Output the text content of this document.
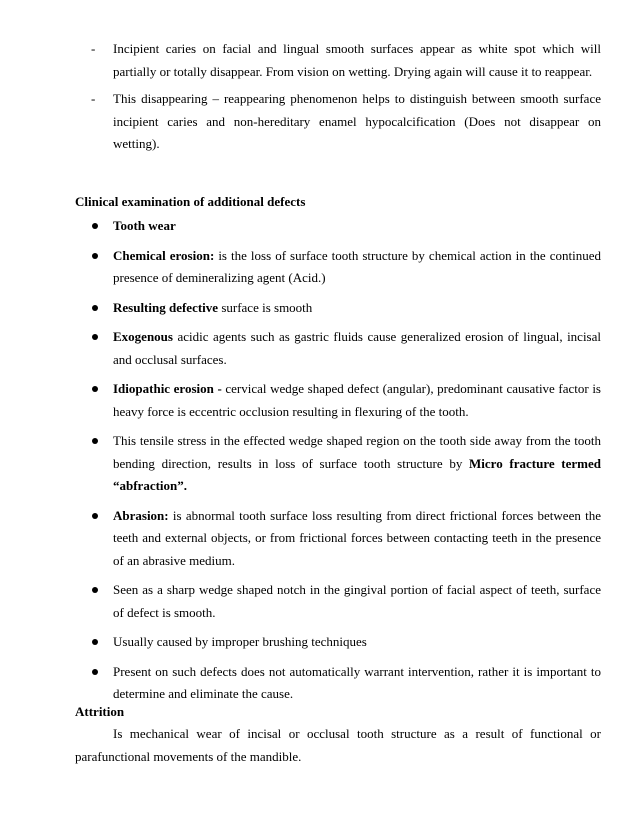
- Incipient caries on facial and lingual smooth surfaces appear as white spot which will partially or totally disappear. From vision on wetting. Drying again will cause it to reappear.
- This disappearing – reappearing phenomenon helps to distinguish between smooth surface incipient caries and non-hereditary enamel hypocalcification (Does not disappear on wetting).
Clinical examination of additional defects
Tooth wear
Chemical erosion: is the loss of surface tooth structure by chemical action in the continued presence of demineralizing agent (Acid.)
Resulting defective surface is smooth
Exogenous acidic agents such as gastric fluids cause generalized erosion of lingual, incisal and occlusal surfaces.
Idiopathic erosion - cervical wedge shaped defect (angular), predominant causative factor is heavy force is eccentric occlusion resulting in flexuring of the tooth.
This tensile stress in the effected wedge shaped region on the tooth side away from the tooth bending direction, results in loss of surface tooth structure by Micro fracture termed “abfraction”.
Abrasion: is abnormal tooth surface loss resulting from direct frictional forces between the teeth and external objects, or from frictional forces between contacting teeth in the presence of an abrasive medium.
Seen as a sharp wedge shaped notch in the gingival portion of facial aspect of teeth, surface of defect is smooth.
Usually caused by improper brushing techniques
Present on such defects does not automatically warrant intervention, rather it is important to determine and eliminate the cause.
Attrition

Is mechanical wear of incisal or occlusal tooth structure as a result of functional or parafunctional movements of the mandible.
